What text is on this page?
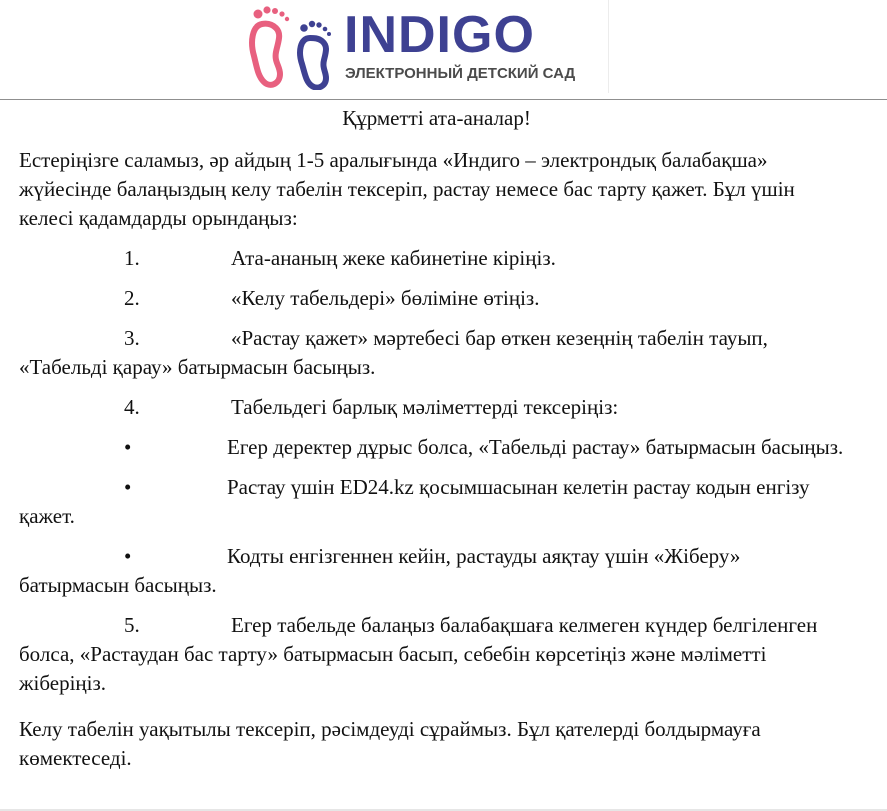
INDIGO
ЭЛЕКТРОННЫЙ ДЕТСКИЙ САД

Құрметті ата-аналар!

Естеріңізге саламыз, әр айдың 1-5 аралығында «Индиго – электрондық балабақша» жүйесінде балаңыздың келу табелін тексеріп, растау немесе бас тарту қажет. Бұл үшін келесі қадамдарды орындаңыз:

1.	Ата-ананың жеке кабинетіне кіріңіз.

2.	«Келу табельдері» бөліміне өтіңіз.

3.	«Растау қажет» мәртебесі бар өткен кезеңнің табелін тауып, «Табельді қарау» батырмасын басыңыз.

4.	Табельдегі барлық мәліметтерді тексеріңіз:

•	Егер деректер дұрыс болса, «Табельді растау» батырмасын басыңыз.

•	Растау үшін ED24.kz қосымшасынан келетін растау кодын енгізу қажет.

•	Кодты енгізгеннен кейін, растауды аяқтау үшін «Жіберу» батырмасын басыңыз.

5.	Егер табельде балаңыз балабақшаға келмеген күндер белгіленген болса, «Растаудан бас тарту» батырмасын басып, себебін көрсетіңіз және мәліметті жіберіңіз.

Келу табелін уақытылы тексеріп, рәсімдеуді сұраймыз. Бұл қателерді болдырмауға көмектеседі.
